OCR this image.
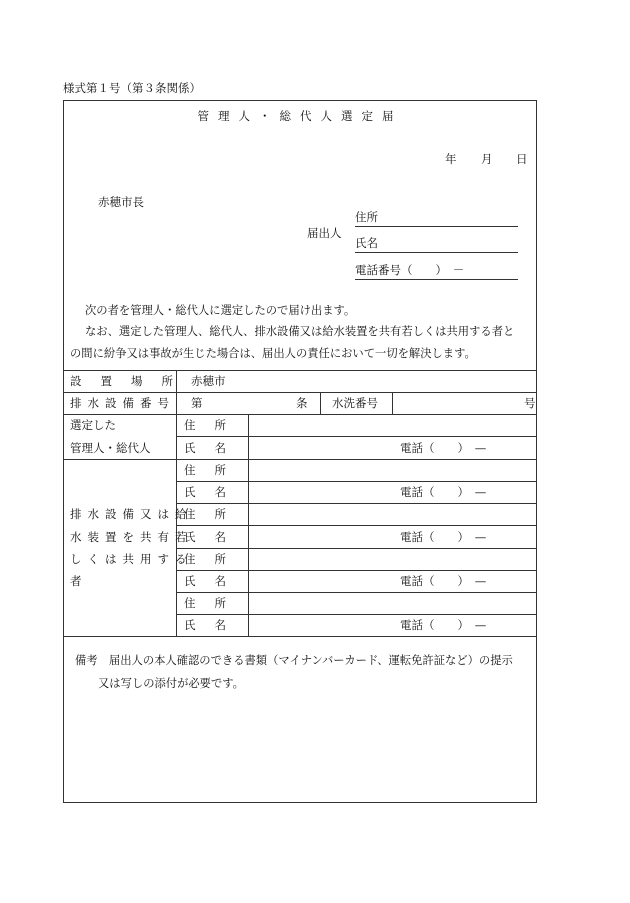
様式第１号（第３条関係）
管理人・総代人選定届
年 月 日
赤穂市長
届出人
住所
氏名
電話番号（　　）　－
次の者を管理人・総代人に選定したので届け出ます。
なお、選定した管理人、総代人、排水設備又は給水装置を共有若しくは共用する者と
の間に紛争又は事故が生じた場合は、届出人の責任において一切を解決します。
設置場所 赤穂市
排水設備番号 第	条 水洗番号	号
選定した
管理人・総代人
住所
氏名	電話（　　）　—
排水設備又は給
水装置を共有若
しくは共用する
者
住所
氏名	電話（　　）　—
住所
氏名	電話（　　）　—
住所
氏名	電話（　　）　—
住所
氏名	電話（　　）　—
備考　 届出人の本人確認のできる書類（マイナンバーカード、運転免許証など）の提示
又は写しの添付が必要です。
